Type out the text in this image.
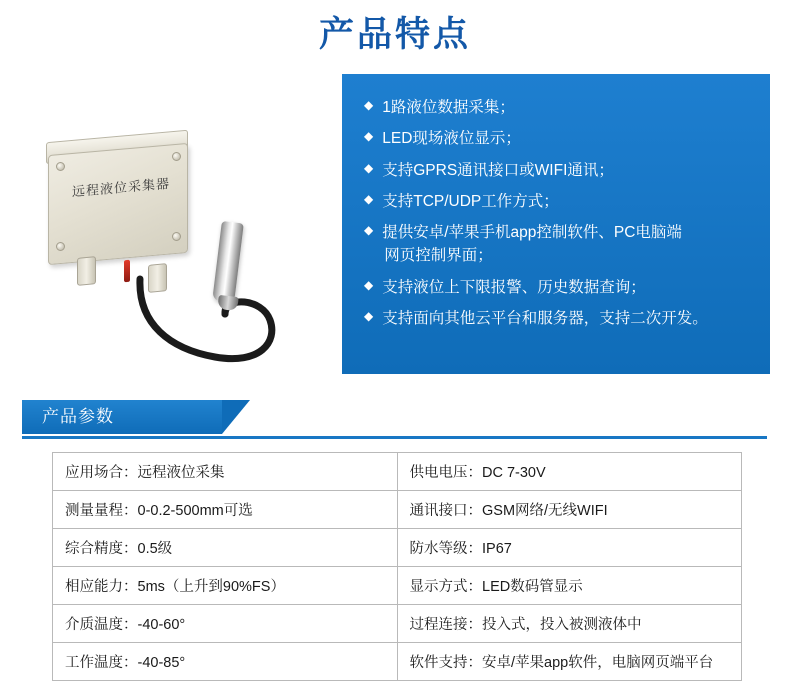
产品特点
远程液位采集器
◆ 1路液位数据采集；
◆ LED现场液位显示；
◆ 支持GPRS通讯接口或WIFI通讯；
◆ 支持TCP/UDP工作方式；
◆ 提供安卓/苹果手机app控制软件、PC电脑端
网页控制界面；
◆ 支持液位上下限报警、历史数据查询；
◆ 支持面向其他云平台和服务器，支持二次开发。
产品参数
应用场合：远程液位采集	供电电压：DC 7-30V
测量量程：0-0.2-500mm可选	通讯接口：GSM网络/无线WIFI
综合精度：0.5级	防水等级：IP67
相应能力：5ms（上升到90%FS）	显示方式：LED数码管显示
介质温度：-40-60°	过程连接：投入式，投入被测液体中
工作温度：-40-85°	软件支持：安卓/苹果app软件，电脑网页端平台
